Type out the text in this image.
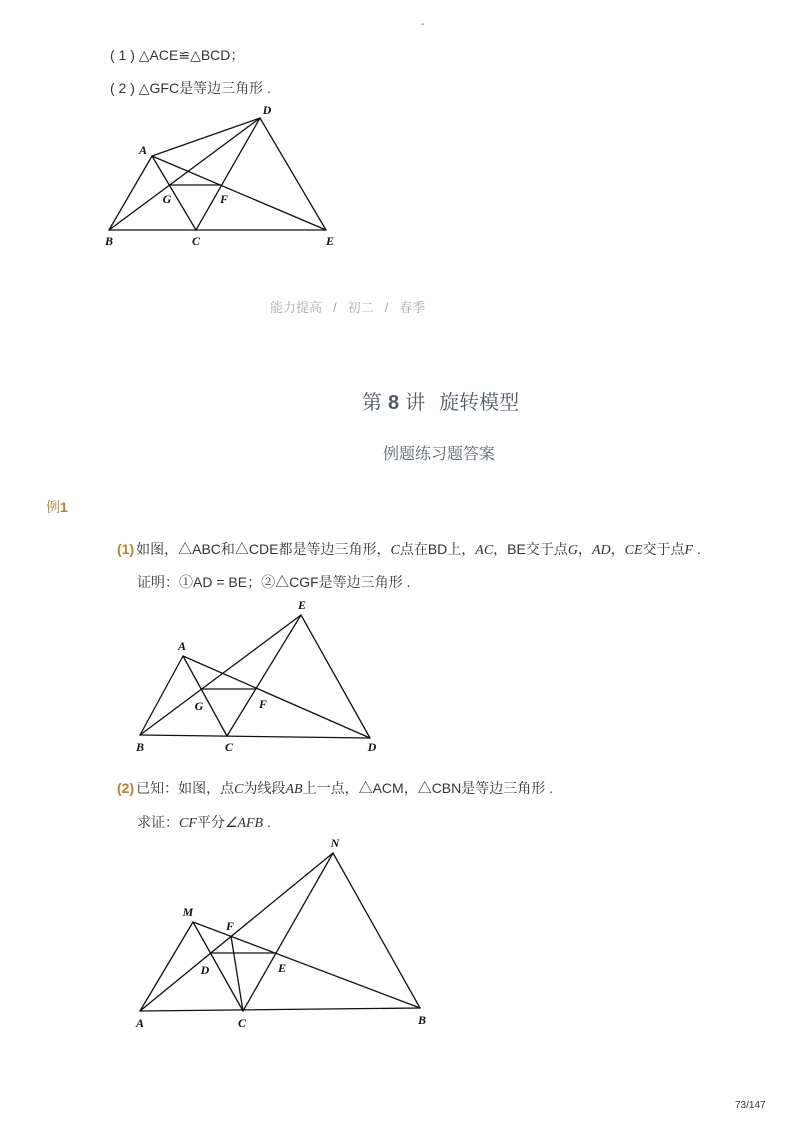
-
( 1 ) △ACE≌△BCD；
( 2 ) △GFC是等边三角形 .
A
D
B	C	E
G	F
能力提高 / 初二 / 春季
第 8 讲 旋转模型
例题练习题答案
例1
(1) 如图，△ABC和△CDE都是等边三角形，C点在BD上，AC，BE交于点G，AD，CE交于点F .
证明：①AD = BE；②△CGF是等边三角形 .
E
A
B	C	D
G	F
(2) 已知：如图，点C为线段AB上一点，△ACM，△CBN是等边三角形 .
求证：CF平分∠AFB .
N
M
F
D	E
A	C	B
73/147
